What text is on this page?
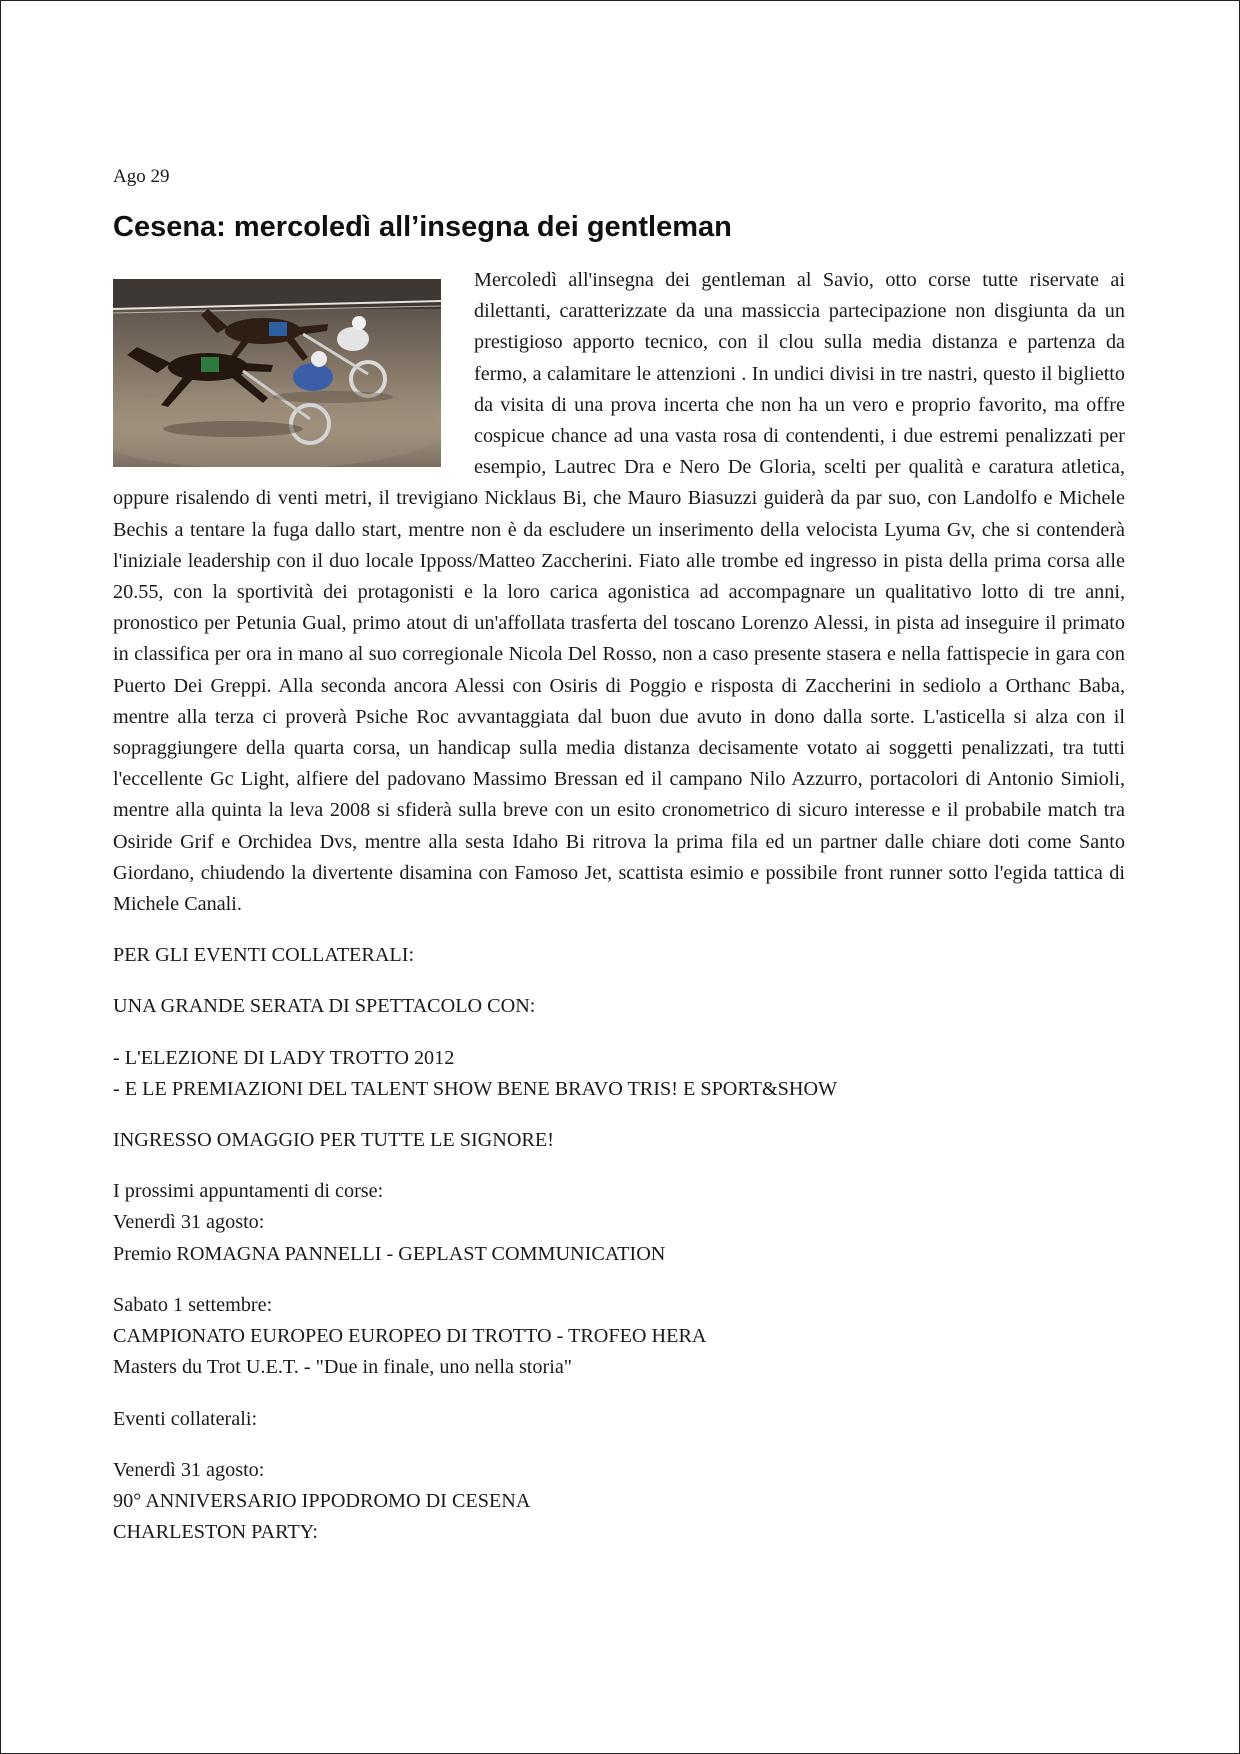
Ago 29

Cesena: mercoledì all’insegna dei gentleman

Mercoledì all'insegna dei gentleman al Savio, otto corse tutte riservate ai dilettanti, caratterizzate da una massiccia partecipazione non disgiunta da un prestigioso apporto tecnico, con il clou sulla media distanza e partenza da fermo, a calamitare le attenzioni . In undici divisi in tre nastri, questo il biglietto da visita di una prova incerta che non ha un vero e proprio favorito, ma offre cospicue chance ad una vasta rosa di contendenti, i due estremi penalizzati per esempio, Lautrec Dra e Nero De Gloria, scelti per qualità e caratura atletica, oppure risalendo di venti metri, il trevigiano Nicklaus Bi, che Mauro Biasuzzi guiderà da par suo, con Landolfo e Michele Bechis a tentare la fuga dallo start, mentre non è da escludere un inserimento della velocista Lyuma Gv, che si contenderà l'iniziale leadership con il duo locale Ipposs/Matteo Zaccherini. Fiato alle trombe ed ingresso in pista della prima corsa alle 20.55, con la sportività dei protagonisti e la loro carica agonistica ad accompagnare un qualitativo lotto di tre anni, pronostico per Petunia Gual, primo atout di un'affollata trasferta del toscano Lorenzo Alessi, in pista ad inseguire il primato in classifica per ora in mano al suo corregionale Nicola Del Rosso, non a caso presente stasera e nella fattispecie in gara con Puerto Dei Greppi. Alla seconda ancora Alessi con Osiris di Poggio e risposta di Zaccherini in sediolo a Orthanc Baba, mentre alla terza ci proverà Psiche Roc avvantaggiata dal buon due avuto in dono dalla sorte. L'asticella si alza con il sopraggiungere della quarta corsa, un handicap sulla media distanza decisamente votato ai soggetti penalizzati, tra tutti l'eccellente Gc Light, alfiere del padovano Massimo Bressan ed il campano Nilo Azzurro, portacolori di Antonio Simioli, mentre alla quinta la leva 2008 si sfiderà sulla breve con un esito cronometrico di sicuro interesse e il probabile match tra Osiride Grif e Orchidea Dvs, mentre alla sesta Idaho Bi ritrova la prima fila ed un partner dalle chiare doti come Santo Giordano, chiudendo la divertente disamina con Famoso Jet, scattista esimio e possibile front runner sotto l'egida tattica di Michele Canali.

PER GLI EVENTI COLLATERALI:

UNA GRANDE SERATA DI SPETTACOLO CON:

- L'ELEZIONE DI LADY TROTTO 2012

- E LE PREMIAZIONI DEL TALENT SHOW BENE BRAVO TRIS! E SPORT&SHOW

INGRESSO OMAGGIO PER TUTTE LE SIGNORE!

I prossimi appuntamenti di corse:

Venerdì 31 agosto:

Premio ROMAGNA PANNELLI - GEPLAST COMMUNICATION

Sabato 1 settembre:

CAMPIONATO EUROPEO EUROPEO DI TROTTO - TROFEO HERA

Masters du Trot U.E.T. - "Due in finale, uno nella storia"

Eventi collaterali:

Venerdì 31 agosto:

90° ANNIVERSARIO IPPODROMO DI CESENA

CHARLESTON PARTY:
